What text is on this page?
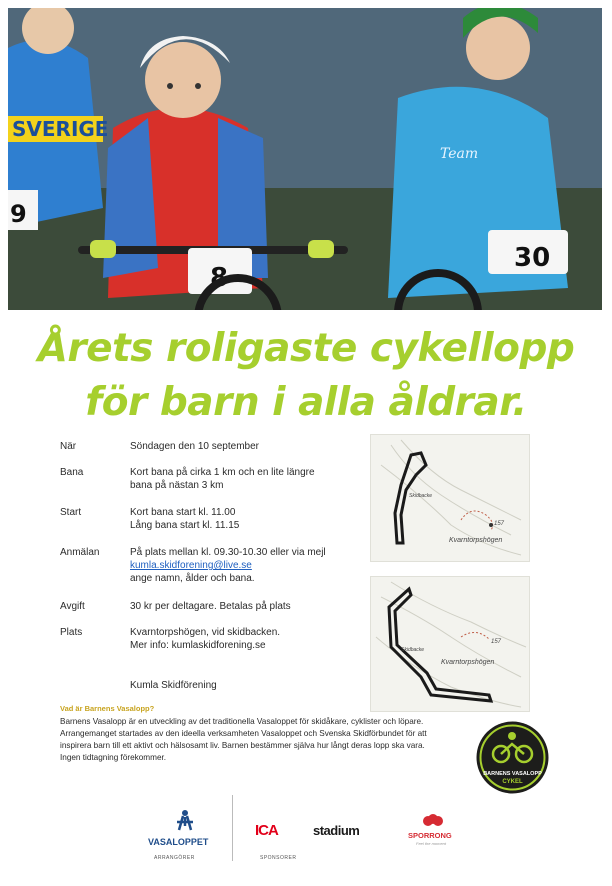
SVERIGE
8
Team
30
9
Årets roligaste cykellopp
för barn i alla åldrar.
När	Söndagen den 10 september
Bana	Kort bana på cirka 1 km och en lite längre
bana på nästan 3 km
Start	Kort bana start kl. 11.00
Lång bana start kl. 11.15
Anmälan	På plats mellan kl. 09.30-10.30 eller via mejl
kumla.skidforening@live.se
ange namn, ålder och bana.
Avgift	30 kr per deltagare. Betalas på plats
Plats	Kvarntorpshögen, vid skidbacken.
Mer info: kumlaskidforening.se
Kumla Skidförening
Skidbacke
157
Kvarntorpshögen
Skidbacke
157
Kvarntorpshögen
Vad är Barnens Vasalopp?
Barnens Vasalopp är en utveckling av det traditionella Vasaloppet för skidåkare, cyklister och löpare.
Arrangemanget startades av den ideella verksamheten Vasaloppet och Svenska Skidförbundet för att
inspirera barn till ett aktivt och hälsosamt liv. Barnen bestämmer själva hur långt deras lopp ska vara.
Ingen tidtagning förekommer.
BARNENS VASALOPP
CYKEL
VASALOPPET
ARRANGÖRER
ICA
SPONSORER
stadium	SPORRONG
Feel the moment
